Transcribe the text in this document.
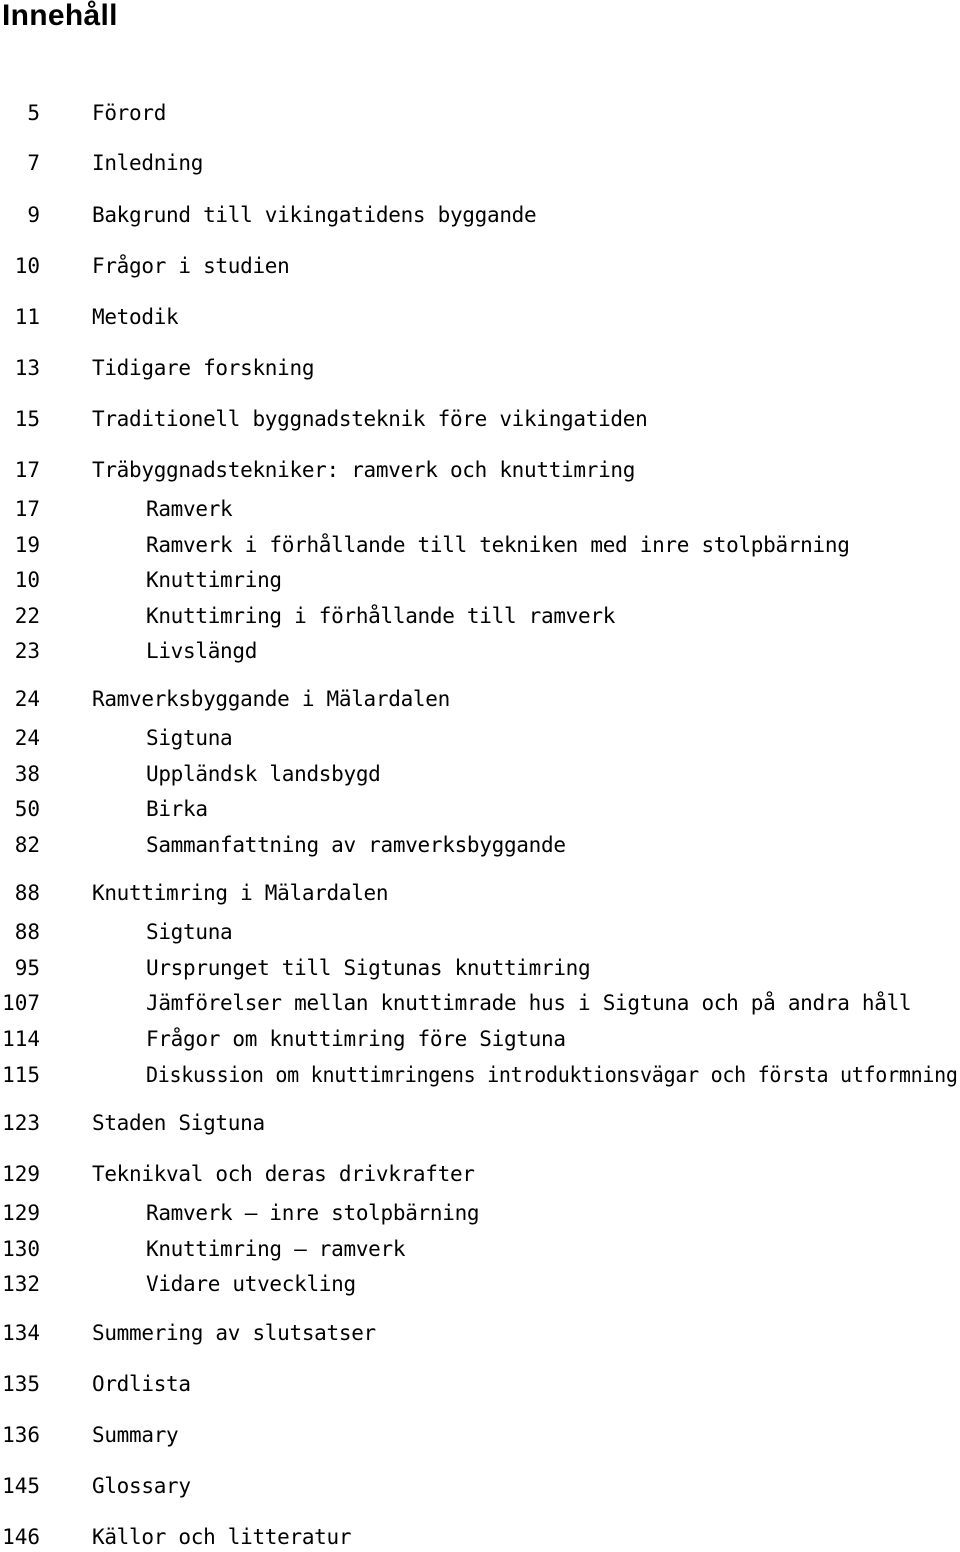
Innehåll
5 Förord
7 Inledning
9 Bakgrund till vikingatidens byggande
10 Frågor i studien
11 Metodik
13 Tidigare forskning
15 Traditionell byggnadsteknik före vikingatiden
17 Träbyggnadstekniker: ramverk och knuttimring
17	Ramverk
19	Ramverk i förhållande till tekniken med inre stolpbärning
10	Knuttimring
22	Knuttimring i förhållande till ramverk
23	Livslängd
24 Ramverksbyggande i Mälardalen
24	Sigtuna
38	Uppländsk landsbygd
50	Birka
82	Sammanfattning av ramverksbyggande
88 Knuttimring i Mälardalen
88	Sigtuna
95	Ursprunget till Sigtunas knuttimring
107	Jämförelser mellan knuttimrade hus i Sigtuna och på andra håll
114	Frågor om knuttimring före Sigtuna
115	Diskussion om knuttimringens introduktionsvägar och första utformning
123 Staden Sigtuna
129 Teknikval och deras drivkrafter
129	Ramverk – inre stolpbärning
130	Knuttimring – ramverk
132	Vidare utveckling
134 Summering av slutsatser
135 Ordlista
136 Summary
145 Glossary
146 Källor och litteratur
